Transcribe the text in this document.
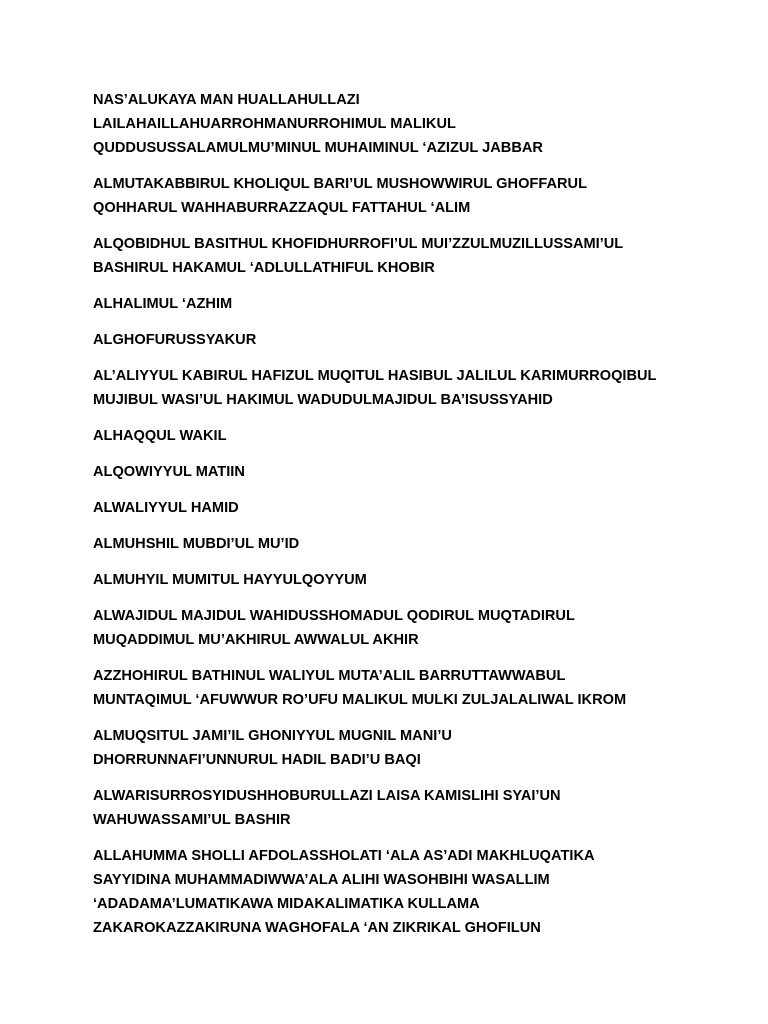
NAS’ALUKAYA MAN HUALLAHULLAZI
LAILAHAILLAHUARROHMANURROHIMUL MALIKUL
QUDDUSUSSALAMULMU’MINUL MUHAIMINUL ‘AZIZUL JABBAR
ALMUTAKABBIRUL KHOLIQUL BARI’UL MUSHOWWIRUL GHOFFARUL
QOHHARUL WAHHABURRAZZAQUL FATTAHUL ‘ALIM
ALQOBIDHUL BASITHUL KHOFIDHURROFI’UL MUI’ZZULMUZILLUSSAMI’UL
BASHIRUL HAKAMUL ‘ADLULLATHIFUL KHOBIR
ALHALIMUL ‘AZHIM
ALGHOFURUSSYAKUR
AL’ALIYYUL KABIRUL HAFIZUL MUQITUL HASIBUL JALILUL KARIMURROQIBUL
MUJIBUL WASI’UL HAKIMUL WADUDULMAJIDUL BA’ISUSSYAHID
ALHAQQUL WAKIL
ALQOWIYYUL MATIIN
ALWALIYYUL HAMID
ALMUHSHIL MUBDI’UL MU’ID
ALMUHYIL MUMITUL HAYYULQOYYUM
ALWAJIDUL MAJIDUL WAHIDUSSHOMADUL QODIRUL MUQTADIRUL
MUQADDIMUL MU’AKHIRUL AWWALUL AKHIR
AZZHOHIRUL BATHINUL WALIYUL MUTA’ALIL BARRUTTAWWABUL
MUNTAQIMUL ‘AFUWWUR RO’UFU MALIKUL MULKI ZULJALALIWAL IKROM
ALMUQSITUL JAMI’IL GHONIYYUL MUGNIL MANI’U
DHORRUNNAFI’UNNURUL HADIL BADI’U BAQI
ALWARISURROSYIDUSHHOBURULLAZI LAISA KAMISLIHI SYAI’UN
WAHUWASSAMI’UL BASHIR
ALLAHUMMA SHOLLI AFDOLASSHOLATI ‘ALA AS’ADI MAKHLUQATIKA
SAYYIDINA MUHAMMADIWWA’ALA ALIHI WASOHBIHI WASALLIM
‘ADADAMA’LUMATIKAWA MIDAKALIMATIKA KULLAMA
ZAKAROKAZZAKIRUNA WAGHOFALA ‘AN ZIKRIKAL GHOFILUN
